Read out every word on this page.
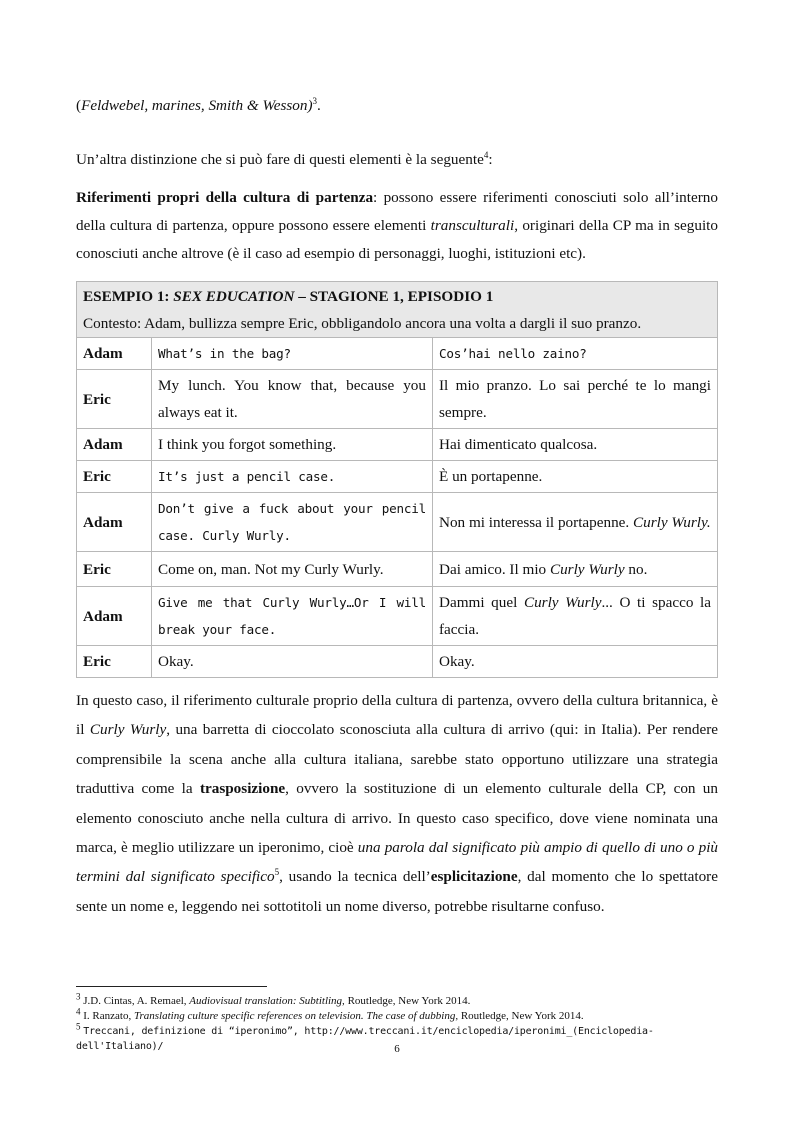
(Feldwebel, marines, Smith & Wesson)$^3$.
Un’altra distinzione che si può fare di questi elementi è la seguente$^4$:
Riferimenti propri della cultura di partenza: possono essere riferimenti conosciuti solo all’interno della cultura di partenza, oppure possono essere elementi transculturali, originari della CP ma in seguito conosciuti anche altrove (è il caso ad esempio di personaggi, luoghi, istituzioni etc).
ESEMPIO 1: SEX EDUCATION – STAGIONE 1, EPISODIO 1
Contesto: Adam, bullizza sempre Eric, obbligandolo ancora una volta a dargli il suo pranzo.		

Adam	What’s in the bag?	Cos’hai nello zaino?
Eric	My lunch. You know that, because you always eat it.	Il mio pranzo. Lo sai perché te lo mangi sempre.
Adam	I think you forgot something.	Hai dimenticato qualcosa.
Eric	It’s just a pencil case.	È un portapenne.
Adam	Don’t give a fuck about your pencil case. Curly Wurly.	Non mi interessa il portapenne. Curly Wurly.
Eric	Come on, man. Not my Curly Wurly.	Dai amico. Il mio Curly Wurly no.
Adam	Give me that Curly Wurly…Or I will break your face.	Dammi quel Curly Wurly... O ti spacco la faccia.
Eric	Okay.	Okay.
In questo caso, il riferimento culturale proprio della cultura di partenza, ovvero della cultura britannica, è il Curly Wurly, una barretta di cioccolato sconosciuta alla cultura di arrivo (qui: in Italia). Per rendere comprensibile la scena anche alla cultura italiana, sarebbe stato opportuno utilizzare una strategia traduttiva come la trasposizione, ovvero la sostituzione di un elemento culturale della CP, con un elemento conosciuto anche nella cultura di arrivo. In questo caso specifico, dove viene nominata una marca, è meglio utilizzare un iperonimo, cioè una parola dal significato più ampio di quello di uno o più termini dal significato specifico$^5$, usando la tecnica dell’esplicitazione, dal momento che lo spettatore sente un nome e, leggendo nei sottotitoli un nome diverso, potrebbe risultarne confuso.
$^3$ J.D. Cintas, A. Remael, Audiovisual translation: Subtitling, Routledge, New York 2014.
$^4$ I. Ranzato, Translating culture specific references on television. The case of dubbing, Routledge, New York 2014.
$^5$ Treccani, definizione di “iperonimo”, http://www.treccani.it/enciclopedia/iperonimi_(Enciclopedia-dell'Italiano)/	6
